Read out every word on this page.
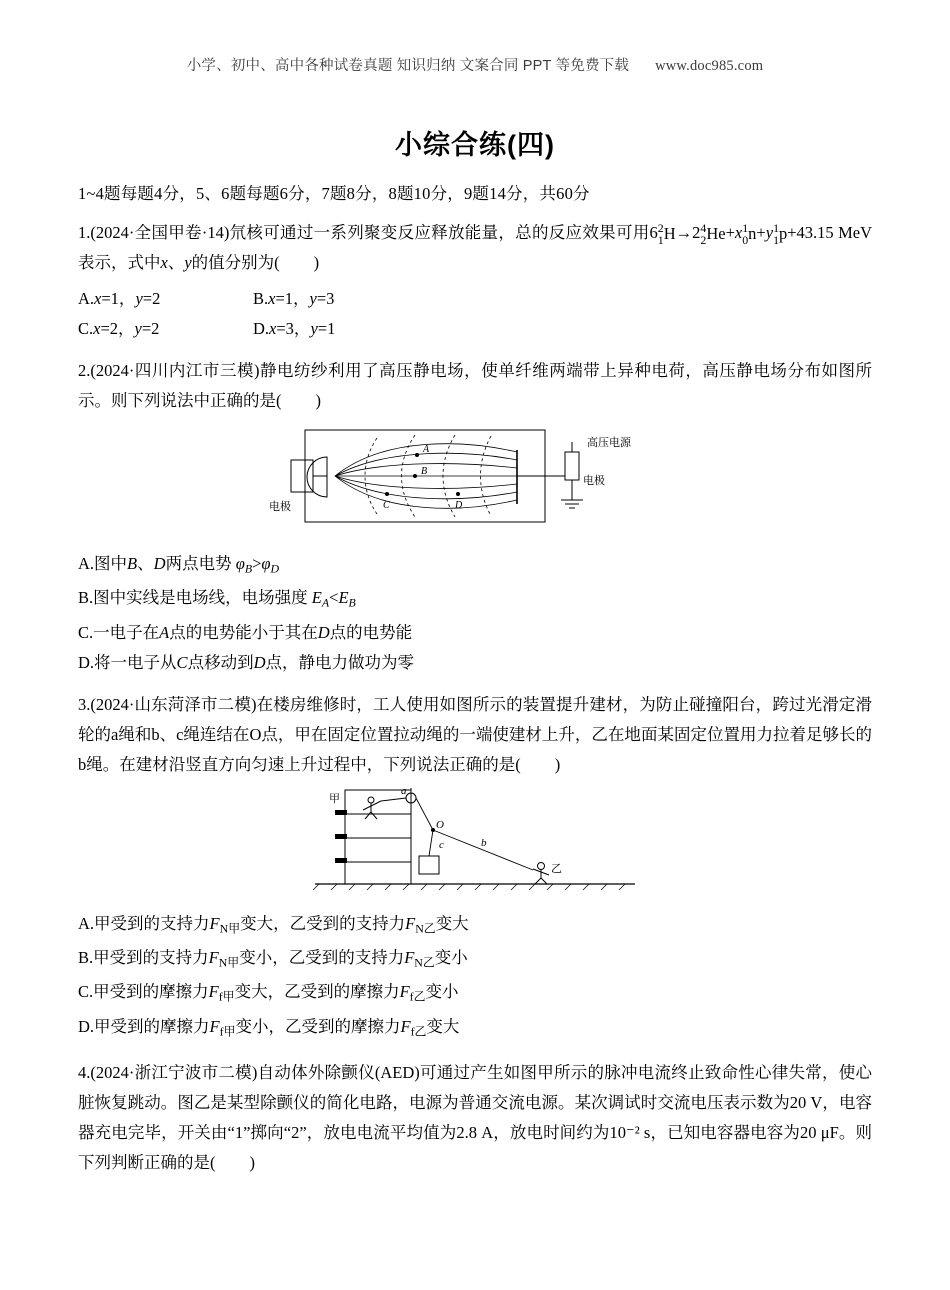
小学、初中、高中各种试卷真题 知识归纳 文案合同 PPT 等免费下载 www.doc985.com
小综合练(四)

1~4题每题4分，5、6题每题6分，7题8分，8题10分，9题14分，共60分

1.(2024·全国甲卷·14)氘核可通过一系列聚变反应释放能量，总的反应效果可用6 2
1 H→2 4
2 He+x 1
0 n+y 1
1 p+43.15 MeV 表示，式中x、y的值分别为( )

A.x=1，y=2	B.x=1，y=3

C.x=2，y=2	D.x=3，y=1

2.(2024·四川内江市三模)静电纺纱利用了高压静电场，使单纤维两端带上异种电荷，高压静电场分布如图所示。则下列说法中正确的是( )

A
B
C	D
高压电源
电极
电极

A.图中B、D两点电势 $\varphi_B>\varphi_D$

B.图中实线是电场线，电场强度 $E_A<E_B$

C.一电子在A点的电势能小于其在D点的电势能

D.将一电子从C点移动到D点，静电力做功为零

3.(2024·山东菏泽市二模)在楼房维修时，工人使用如图所示的装置提升建材，为防止碰撞阳台，跨过光滑定滑轮的a绳和b、c绳连结在O点，甲在固定位置拉动绳的一端使建材上升，乙在地面某固定位置用力拉着足够长的b绳。在建材沿竖直方向匀速上升过程中，下列说法正确的是( )

甲
a
O
b
c
乙

A.甲受到的支持力$F_{N甲}$变大，乙受到的支持力$F_{N乙}$变大

B.甲受到的支持力$F_{N甲}$变小，乙受到的支持力$F_{N乙}$变小

C.甲受到的摩擦力$F_{f甲}$变大，乙受到的摩擦力$F_{f乙}$变小

D.甲受到的摩擦力$F_{f甲}$变小，乙受到的摩擦力$F_{f乙}$变大

4.(2024·浙江宁波市二模)自动体外除颤仪(AED)可通过产生如图甲所示的脉冲电流终止致命性心律失常，使心脏恢复跳动。图乙是某型除颤仪的简化电路，电源为普通交流电源。某次调试时交流电压表示数为20 V，电容器充电完毕，开关由“1”掷向“2”，放电电流平均值为2.8 A，放电时间约为10⁻² s，已知电容器电容为20 μF。则下列判断正确的是( )
